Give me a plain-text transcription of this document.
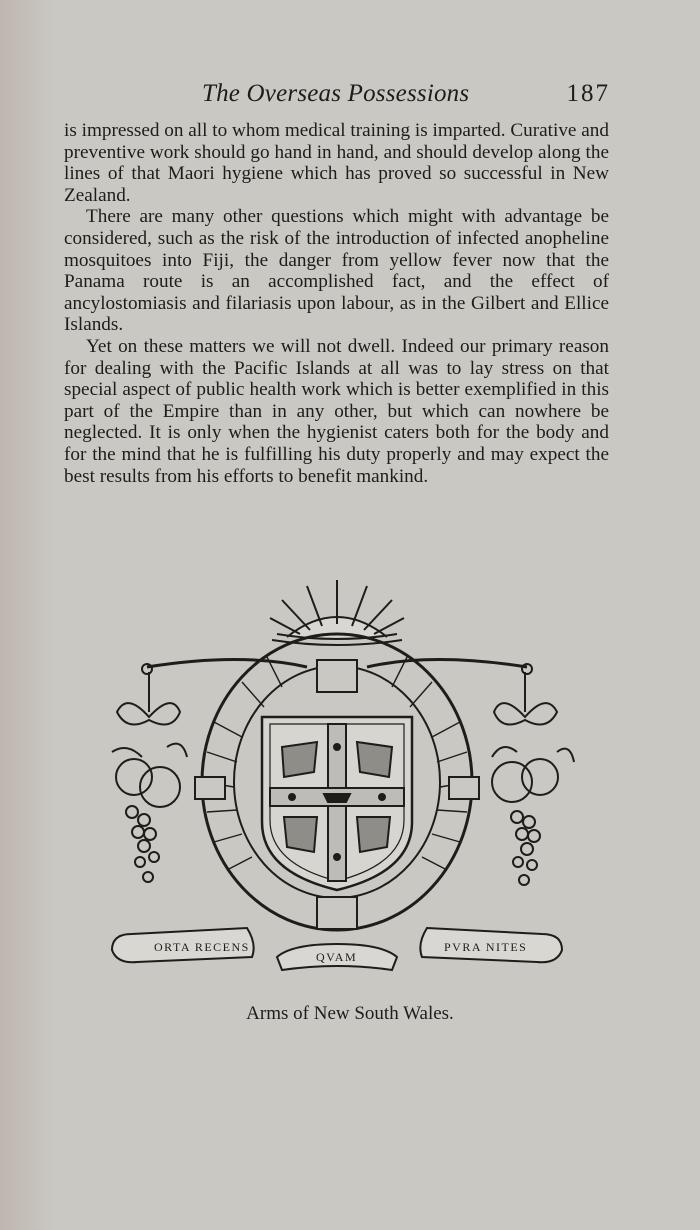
The Overseas Possessions	187

is impressed on all to whom medical training is imparted. Curative and preventive work should go hand in hand, and should develop along the lines of that Maori hygiene which has proved so successful in New Zealand.

There are many other questions which might with advantage be considered, such as the risk of the introduction of infected anopheline mosquitoes into Fiji, the danger from yellow fever now that the Panama route is an accomplished fact, and the effect of ancylostomiasis and filariasis upon labour, as in the Gilbert and Ellice Islands.

Yet on these matters we will not dwell. Indeed our primary reason for dealing with the Pacific Islands at all was to lay stress on that special aspect of public health work which is better exemplified in this part of the Empire than in any other, but which can nowhere be neglected. It is only when the hygienist caters both for the body and for the mind that he is fulfilling his duty properly and may expect the best results from his efforts to benefit mankind.

ORTA RECENS
QVAM
PVRA NITES
Arms of New South Wales.
